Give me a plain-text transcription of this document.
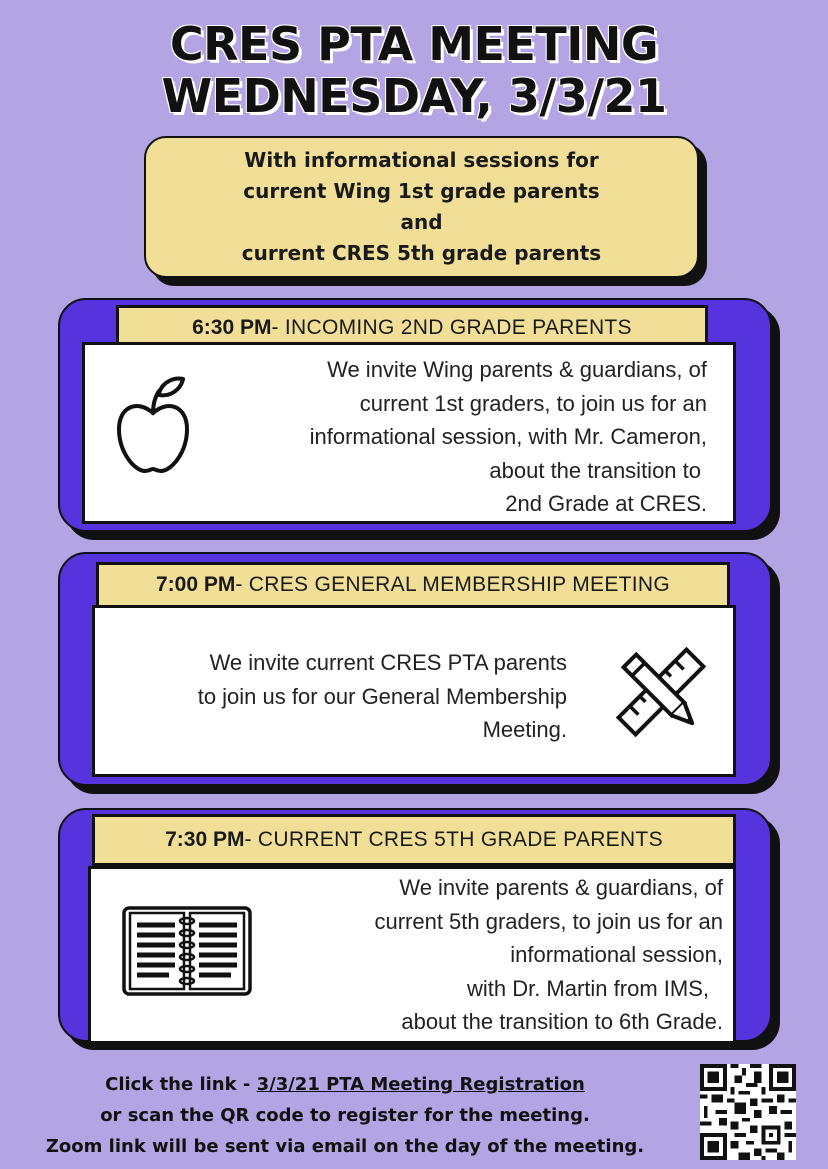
CRES PTA MEETING
WEDNESDAY, 3/3/21
With informational sessions for
current Wing 1st grade parents
and
current CRES 5th grade parents
6:30 PM - INCOMING 2ND GRADE PARENTS
We invite Wing parents & guardians, of
current 1st graders, to join us for an
informational session, with Mr. Cameron,
about the transition to
2nd Grade at CRES.
7:00 PM - CRES GENERAL MEMBERSHIP MEETING
We invite current CRES PTA parents
to join us for our General Membership
Meeting.
7:30 PM - CURRENT CRES 5TH GRADE PARENTS
We invite parents & guardians, of
current 5th graders, to join us for an
informational session,
with Dr. Martin from IMS,
about the transition to 6th Grade.
Click the link - 3/3/21 PTA Meeting Registration
or scan the QR code to register for the meeting.
Zoom link will be sent via email on the day of the meeting.
